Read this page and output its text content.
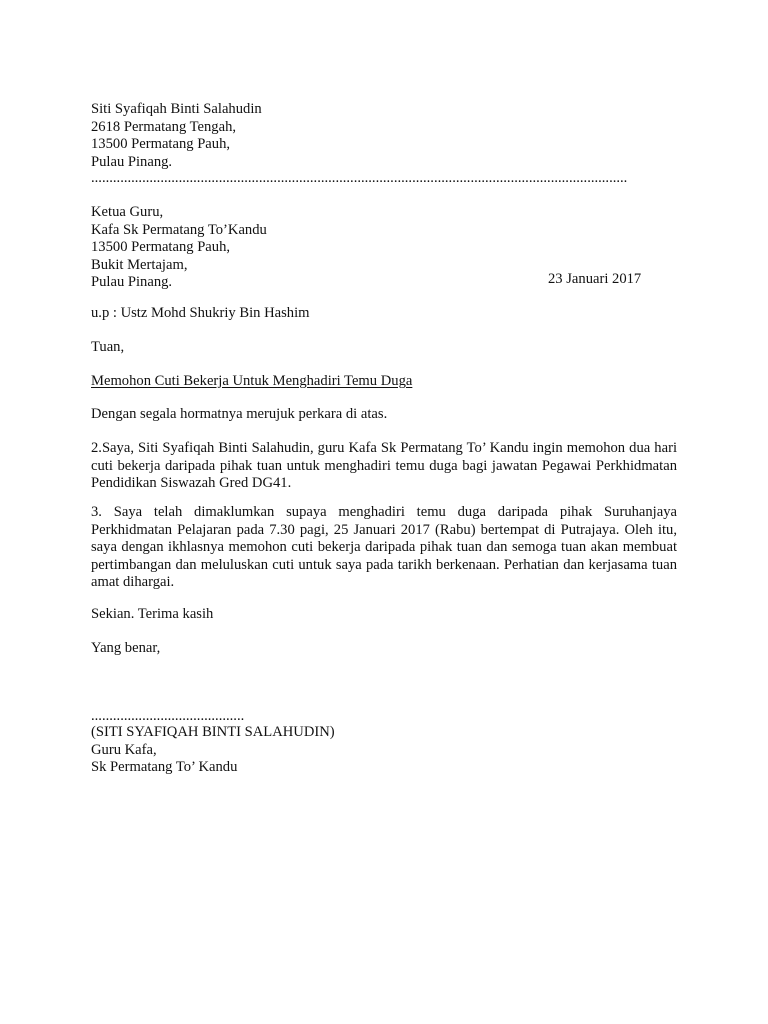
Siti Syafiqah Binti Salahudin
2618 Permatang Tengah,
13500 Permatang Pauh,
Pulau Pinang.
...................................................................................................................................................
Ketua Guru,
Kafa Sk Permatang To’Kandu
13500 Permatang Pauh,
Bukit Mertajam,
Pulau Pinang.	23 Januari 2017
u.p : Ustz Mohd Shukriy Bin Hashim
Tuan,
Memohon Cuti Bekerja Untuk Menghadiri Temu Duga
Dengan segala hormatnya merujuk perkara di atas.
2.Saya, Siti Syafiqah Binti Salahudin, guru Kafa Sk Permatang To’ Kandu ingin memohon dua hari cuti bekerja daripada pihak tuan untuk menghadiri temu duga bagi jawatan Pegawai Perkhidmatan Pendidikan Siswazah Gred DG41.
3. Saya telah dimaklumkan supaya menghadiri temu duga daripada pihak Suruhanjaya Perkhidmatan Pelajaran pada 7.30 pagi, 25 Januari 2017 (Rabu) bertempat di Putrajaya. Oleh itu, saya dengan ikhlasnya memohon cuti bekerja daripada pihak tuan dan semoga tuan akan membuat pertimbangan dan meluluskan cuti untuk saya pada tarikh berkenaan. Perhatian dan kerjasama tuan amat dihargai.
Sekian. Terima kasih
Yang benar,
..........................................
(SITI SYAFIQAH BINTI SALAHUDIN)
Guru Kafa,
Sk Permatang To’ Kandu
